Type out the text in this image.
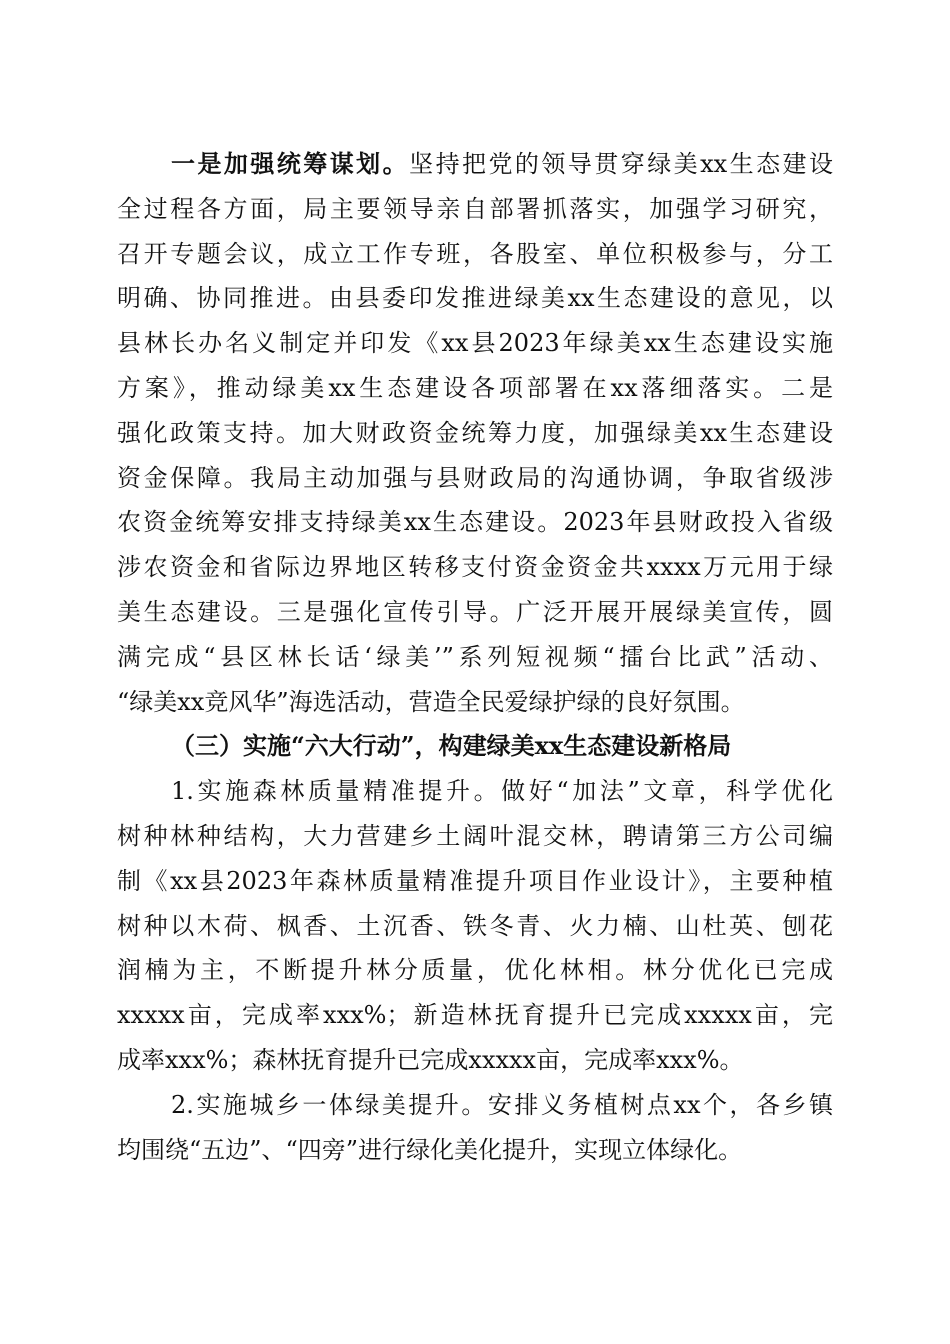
一是加强统筹谋划。坚持把党的领导贯穿绿美xx生态建设
全过程各方面，局主要领导亲自部署抓落实，加强学习研究，
召开专题会议，成立工作专班，各股室、单位积极参与，分工
明确、协同推进。由县委印发推进绿美xx生态建设的意见，以
县林长办名义制定并印发《xx县2023年绿美xx生态建设实施
方案》，推动绿美xx生态建设各项部署在xx落细落实。二是
强化政策支持。加大财政资金统筹力度，加强绿美xx生态建设
资金保障。我局主动加强与县财政局的沟通协调，争取省级涉
农资金统筹安排支持绿美xx生态建设。2023年县财政投入省级
涉农资金和省际边界地区转移支付资金资金共xxxx万元用于绿
美生态建设。三是强化宣传引导。广泛开展开展绿美宣传，圆
满完成“县区林长话‘绿美’”系列短视频“擂台比武”活动、
“绿美xx竞风华”海选活动，营造全民爱绿护绿的良好氛围。
（三）实施“六大行动”，构建绿美xx生态建设新格局
1.实施森林质量精准提升。做好“加法”文章，科学优化
树种林种结构，大力营建乡土阔叶混交林，聘请第三方公司编
制《xx县2023年森林质量精准提升项目作业设计》，主要种植
树种以木荷、枫香、土沉香、铁冬青、火力楠、山杜英、刨花
润楠为主，不断提升林分质量，优化林相。林分优化已完成
xxxxx亩，完成率xxx%；新造林抚育提升已完成xxxxx亩，完
成率xxx%；森林抚育提升已完成xxxxx亩，完成率xxx%。
2.实施城乡一体绿美提升。安排义务植树点xx个，各乡镇
均围绕“五边”、“四旁”进行绿化美化提升，实现立体绿化。
